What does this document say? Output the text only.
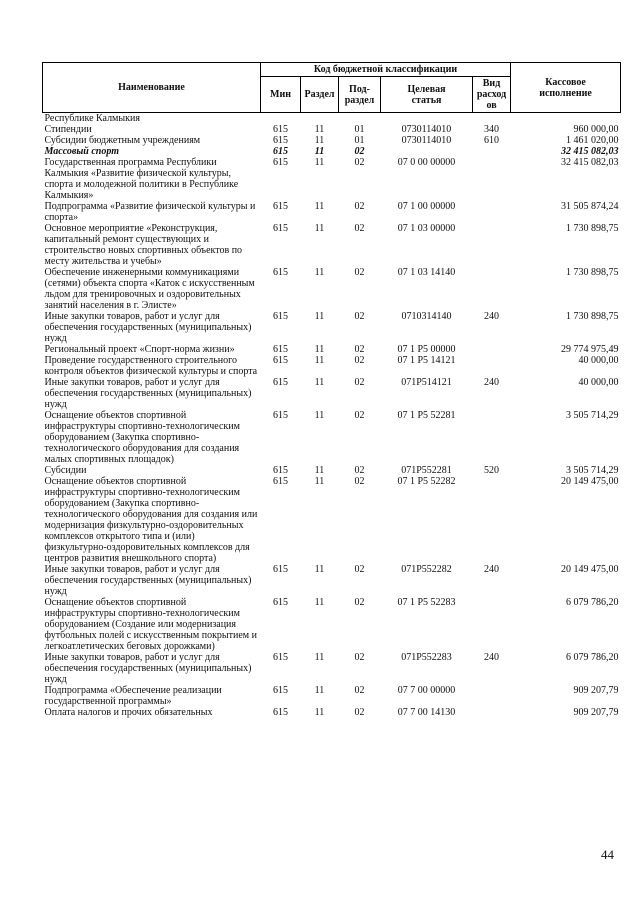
Наименование	Код бюджетной классификации					Кассовое
исполнение
	Мин	Раздел	Под-
раздел	Целевая
статья	Вид
расход
ов	
Республике Калмыкия						
Стипендии	615	11	01	0730114010	340	960 000,00
Субсидии бюджетным учреждениям	615	11	01	0730114010	610	1 461 020,00
Массовый спорт	615	11	02			32 415 082,03
Государственная программа Республики Калмыкия «Развитие физической культуры, спорта и молодежной политики в Республике Калмыкия»	615	11	02	07 0 00 00000		32 415 082,03
Подпрограмма «Развитие физической культуры и спорта»	615	11	02	07 1 00 00000		31 505 874,24
Основное мероприятие «Реконструкция, капитальный ремонт существующих и строительство новых спортивных объектов по месту жительства и учебы»	615	11	02	07 1 03 00000		1 730 898,75
Обеспечение инженерными коммуникациями (сетями) объекта спорта «Каток с искусственным льдом для тренировочных и оздоровительных занятий населения в г. Элисте»	615	11	02	07 1 03 14140		1 730 898,75
Иные закупки товаров, работ и услуг для обеспечения государственных (муниципальных) нужд	615	11	02	0710314140	240	1 730 898,75
Региональный проект «Спорт-норма жизни»	615	11	02	07 1 Р5 00000		29 774 975,49
Проведение государственного строительного контроля объектов физической культуры и спорта	615	11	02	07 1 Р5 14121		40 000,00
Иные закупки товаров, работ и услуг для обеспечения государственных (муниципальных) нужд	615	11	02	071Р514121	240	40 000,00
Оснащение объектов спортивной инфраструктуры спортивно-технологическим оборудованием (Закупка спортивно-технологического оборудования для создания малых спортивных площадок)	615	11	02	07 1 Р5 52281		3 505 714,29
Субсидии	615	11	02	071Р552281	520	3 505 714,29
Оснащение объектов спортивной инфраструктуры спортивно-технологическим оборудованием (Закупка спортивно-технологического оборудования для создания или модернизация физкультурно-оздоровительных комплексов открытого типа и (или) физкультурно-оздоровительных комплексов для центров развития внешкольного спорта)	615	11	02	07 1 Р5 52282		20 149 475,00
Иные закупки товаров, работ и услуг для обеспечения государственных (муниципальных) нужд	615	11	02	071Р552282	240	20 149 475,00
Оснащение объектов спортивной инфраструктуры спортивно-технологическим оборудованием (Создание или модернизация футбольных полей с искусственным покрытием и легкоатлетических беговых дорожками)	615	11	02	07 1 Р5 52283		6 079 786,20
Иные закупки товаров, работ и услуг для обеспечения государственных (муниципальных) нужд	615	11	02	071Р552283	240	6 079 786,20
Подпрограмма «Обеспечение реализации государственной программы»	615	11	02	07 7 00 00000		909 207,79
Оплата налогов и прочих обязательных	615	11	02	07 7 00 14130		909 207,79
44
